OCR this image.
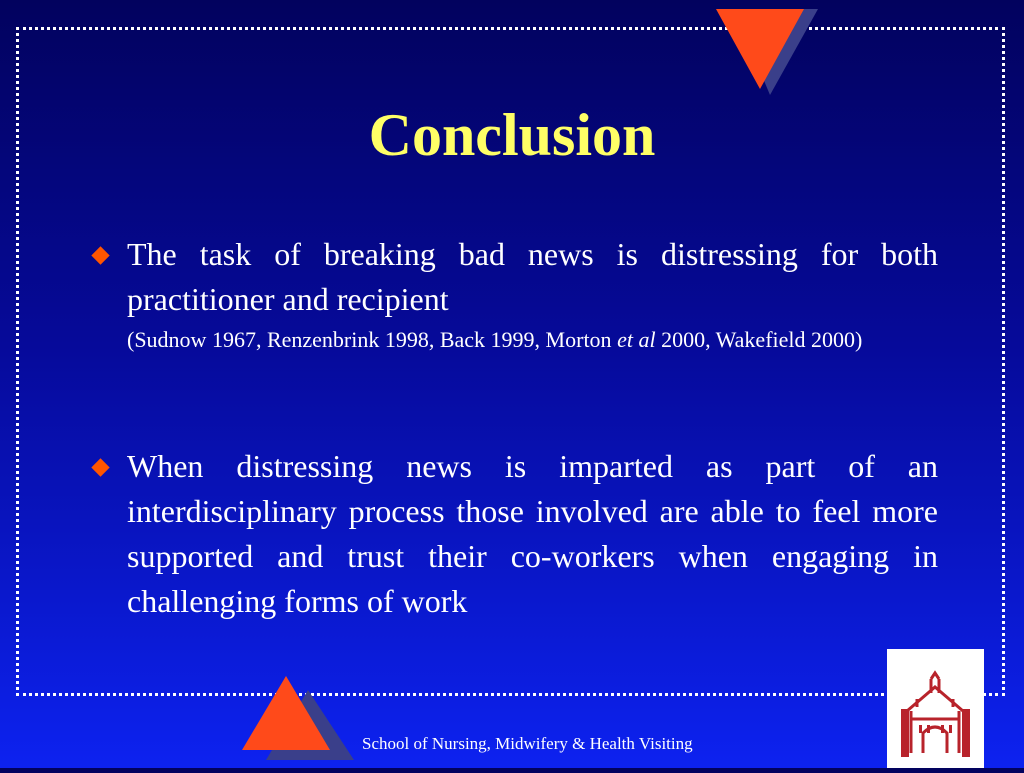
Conclusion
The task of breaking bad news is distressing for both practitioner and recipient
(Sudnow 1967, Renzenbrink 1998, Back 1999, Morton et al 2000, Wakefield 2000)
When distressing news is imparted as part of an interdisciplinary process those involved are able to feel more supported and trust their co-workers when engaging in challenging forms of work
School of Nursing, Midwifery & Health Visiting
